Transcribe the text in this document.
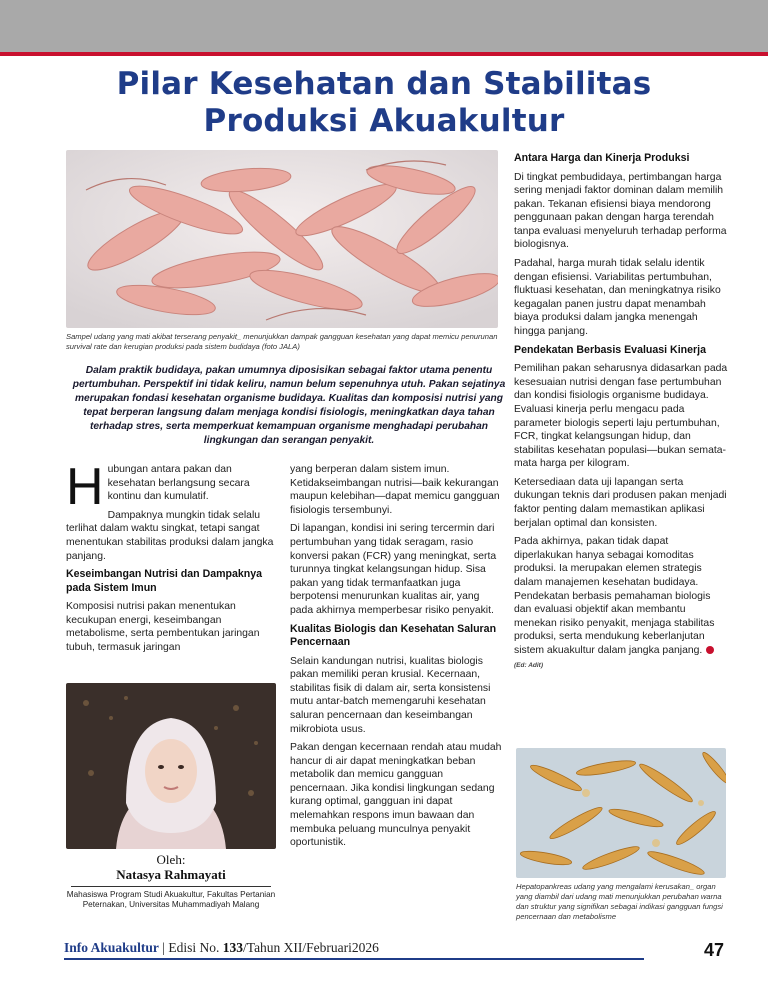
Pilar Kesehatan dan Stabilitas Produksi Akuakultur
Sampel udang yang mati akibat terserang penyakit_ menunjukkan dampak gangguan kesehatan yang dapat memicu penurunan survival rate dan kerugian produksi pada sistem budidaya (foto JALA)
Dalam praktik budidaya, pakan umumnya diposisikan sebagai faktor utama penentu pertumbuhan. Perspektif ini tidak keliru, namun belum sepenuhnya utuh. Pakan sejatinya merupakan fondasi kesehatan organisme budidaya. Kualitas dan komposisi nutrisi yang tepat berperan langsung dalam menjaga kondisi fisiologis, meningkatkan daya tahan terhadap stres, serta memperkuat kemampuan organisme menghadapi perubahan lingkungan dan serangan penyakit.

Hubungan antara pakan dan kesehatan berlangsung secara kontinu dan kumulatif.

Dampaknya mungkin tidak selalu terlihat dalam waktu singkat, tetapi sangat menentukan stabilitas produksi dalam jangka panjang.

Keseimbangan Nutrisi dan Dampaknya pada Sistem Imun

Komposisi nutrisi pakan menentukan kecukupan energi, keseimbangan metabolisme, serta pembentukan jaringan tubuh, termasuk jaringan

Oleh:
Natasya Rahmayati
Mahasiswa Program Studi Akuakultur, Fakultas Pertanian Peternakan, Universitas Muhammadiyah Malang

yang berperan dalam sistem imun. Ketidakseimbangan nutrisi—baik kekurangan maupun kelebihan—dapat memicu gangguan fisiologis tersembunyi.

Di lapangan, kondisi ini sering tercermin dari pertumbuhan yang tidak seragam, rasio konversi pakan (FCR) yang meningkat, serta turunnya tingkat kelangsungan hidup. Sisa pakan yang tidak termanfaatkan juga berpotensi menurunkan kualitas air, yang pada akhirnya memperbesar risiko penyakit.

Kualitas Biologis dan Kesehatan Saluran Pencernaan

Selain kandungan nutrisi, kualitas biologis pakan memiliki peran krusial. Kecernaan, stabilitas fisik di dalam air, serta konsistensi mutu antar-batch memengaruhi kesehatan saluran pencernaan dan keseimbangan mikrobiota usus.

Pakan dengan kecernaan rendah atau mudah hancur di air dapat meningkatkan beban metabolik dan memicu gangguan pencernaan. Jika kondisi lingkungan sedang kurang optimal, gangguan ini dapat melemahkan respons imun bawaan dan membuka peluang munculnya penyakit oportunistik.

Antara Harga dan Kinerja Produksi

Di tingkat pembudidaya, pertimbangan harga sering menjadi faktor dominan dalam memilih pakan. Tekanan efisiensi biaya mendorong penggunaan pakan dengan harga terendah tanpa evaluasi menyeluruh terhadap performa biologisnya.

Padahal, harga murah tidak selalu identik dengan efisiensi. Variabilitas pertumbuhan, fluktuasi kesehatan, dan meningkatnya risiko kegagalan panen justru dapat menambah biaya produksi dalam jangka menengah hingga panjang.

Pendekatan Berbasis Evaluasi Kinerja

Pemilihan pakan seharusnya didasarkan pada kesesuaian nutrisi dengan fase pertumbuhan dan kondisi fisiologis organisme budidaya. Evaluasi kinerja perlu mengacu pada parameter biologis seperti laju pertumbuhan, FCR, tingkat kelangsungan hidup, dan stabilitas kesehatan populasi—bukan semata-mata harga per kilogram.

Ketersediaan data uji lapangan serta dukungan teknis dari produsen pakan menjadi faktor penting dalam memastikan aplikasi berjalan optimal dan konsisten.

Pada akhirnya, pakan tidak dapat diperlakukan hanya sebagai komoditas produksi. Ia merupakan elemen strategis dalam manajemen kesehatan budidaya. Pendekatan berbasis pemahaman biologis dan evaluasi objektif akan membantu menekan risiko penyakit, menjaga stabilitas produksi, serta mendukung keberlanjutan sistem akuakultur dalam jangka panjang.(Ed: Adit)

Hepatopankreas udang yang mengalami kerusakan_ organ yang diambil dari udang mati menunjukkan perubahan warna dan struktur yang signifikan sebagai indikasi gangguan fungsi pencernaan dan metabolisme
Info Akuakultur | Edisi No. 133/Tahun XII/Februari2026	47
